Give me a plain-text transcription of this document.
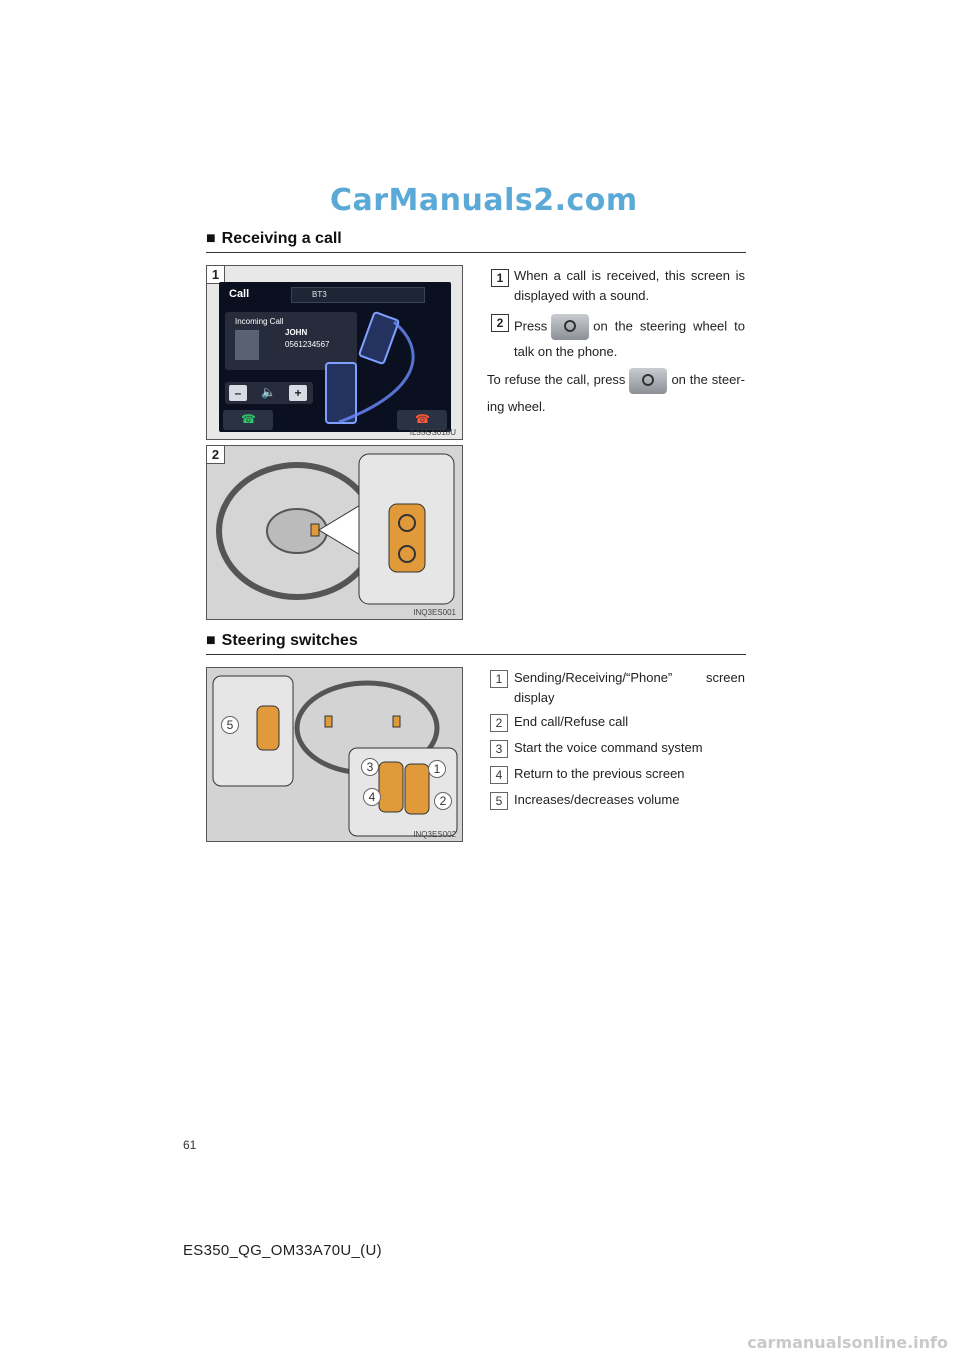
CarManuals2.com
■ Receiving a call
1
Call	BT3
Incoming Call
JOHN
0561234567
–	🔈	+
☎	☎
IL55GS018U
2
INQ3ES001
1 When a call is received, this screen is displayed with a sound.
2 Press	on the steering wheel to talk on the phone.
To refuse the call, press	on the steer-ing wheel.
■ Steering switches
5
3	1
4	2
INQ3ES002
1 Sending/Receiving/“Phone” screen display
2 End call/Refuse call
3 Start the voice command system
4 Return to the previous screen
5 Increases/decreases volume
61
ES350_QG_OM33A70U_(U)
carmanualsonline.info
